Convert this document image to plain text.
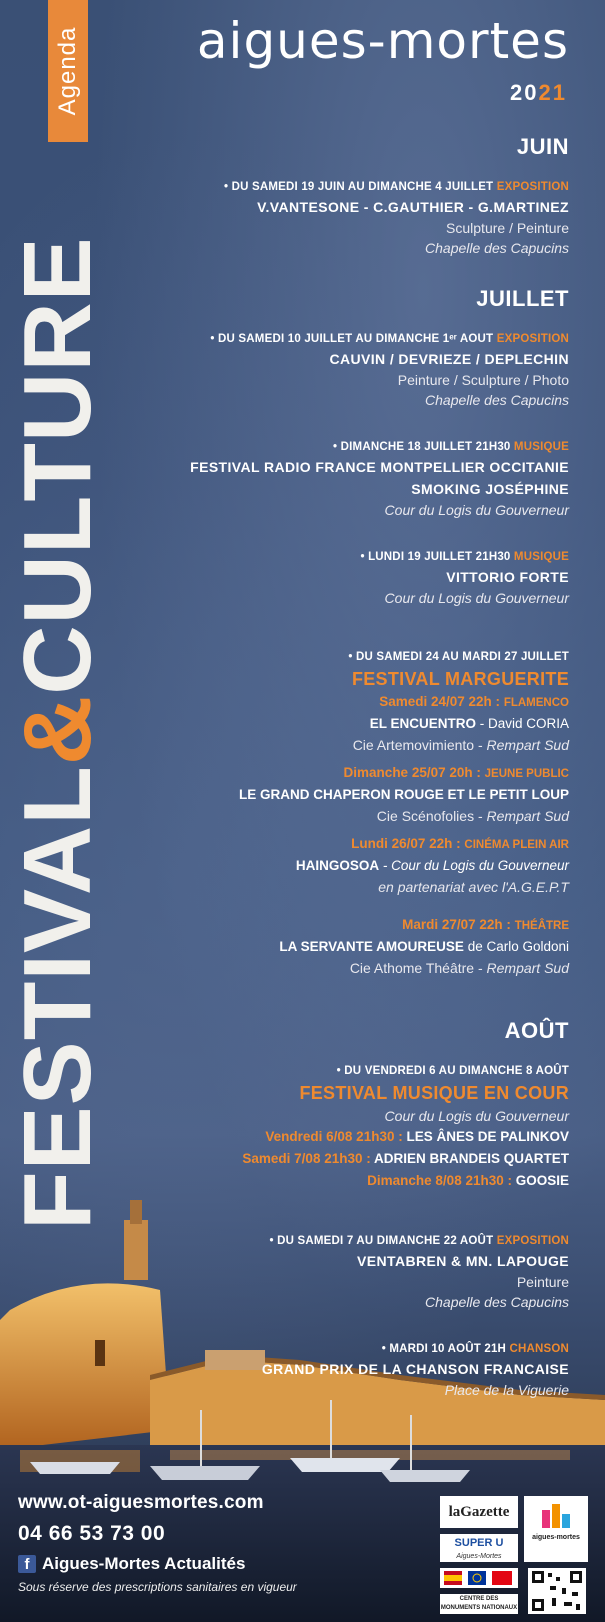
Agenda
FESTIVAL&CULTURE
aigues-mortes
2021
JUIN
• DU SAMEDI 19 JUIN AU DIMANCHE 4 JUILLET EXPOSITION
V.VANTESONE - C.GAUTHIER - G.MARTINEZ
Sculpture / Peinture
Chapelle des Capucins
JUILLET
• DU SAMEDI 10 JUILLET AU DIMANCHE 1ᵉʳ AOUT EXPOSITION
CAUVIN / DEVRIEZE / DEPLECHIN
Peinture / Sculpture / Photo
Chapelle des Capucins
• DIMANCHE 18 JUILLET 21H30 MUSIQUE
FESTIVAL RADIO FRANCE MONTPELLIER OCCITANIE
SMOKING JOSÉPHINE
Cour du Logis du Gouverneur
• LUNDI 19 JUILLET 21H30 MUSIQUE
VITTORIO FORTE
Cour du Logis du Gouverneur
• DU SAMEDI 24 AU MARDI 27 JUILLET
FESTIVAL MARGUERITE
Samedi 24/07 22h : FLAMENCO
EL ENCUENTRO - David CORIA
Cie Artemovimiento - Rempart Sud
Dimanche 25/07 20h : JEUNE PUBLIC
LE GRAND CHAPERON ROUGE ET LE PETIT LOUP
Cie Scénofolies - Rempart Sud
Lundi 26/07 22h : CINÉMA PLEIN AIR
HAINGOSOA - Cour du Logis du Gouverneur
en partenariat avec l'A.G.E.P.T
Mardi 27/07 22h : THÉÂTRE
LA SERVANTE AMOUREUSE de Carlo Goldoni
Cie Athome Théâtre - Rempart Sud
AOÛT
• DU VENDREDI 6 AU DIMANCHE 8 AOÛT
FESTIVAL MUSIQUE EN COUR
Cour du Logis du Gouverneur
Vendredi 6/08 21h30 : LES ÂNES DE PALINKOV
Samedi 7/08 21h30 : ADRIEN BRANDEIS QUARTET
Dimanche 8/08 21h30 : GOOSIE
• DU SAMEDI 7 AU DIMANCHE 22 AOÛT EXPOSITION
VENTABREN & MN. LAPOUGE
Peinture
Chapelle des Capucins
• MARDI 10 AOÛT 21H CHANSON
GRAND PRIX DE LA CHANSON FRANCAISE
Place de la Viguerie
www.ot-aiguesmortes.com
04 66 53 73 00
f Aigues-Mortes Actualités
Sous réserve des prescriptions sanitaires en vigueur
laGazette
SUPER U
Aigues-Mortes
CENTRE DES MONUMENTS NATIONAUX
aigues-mortes
